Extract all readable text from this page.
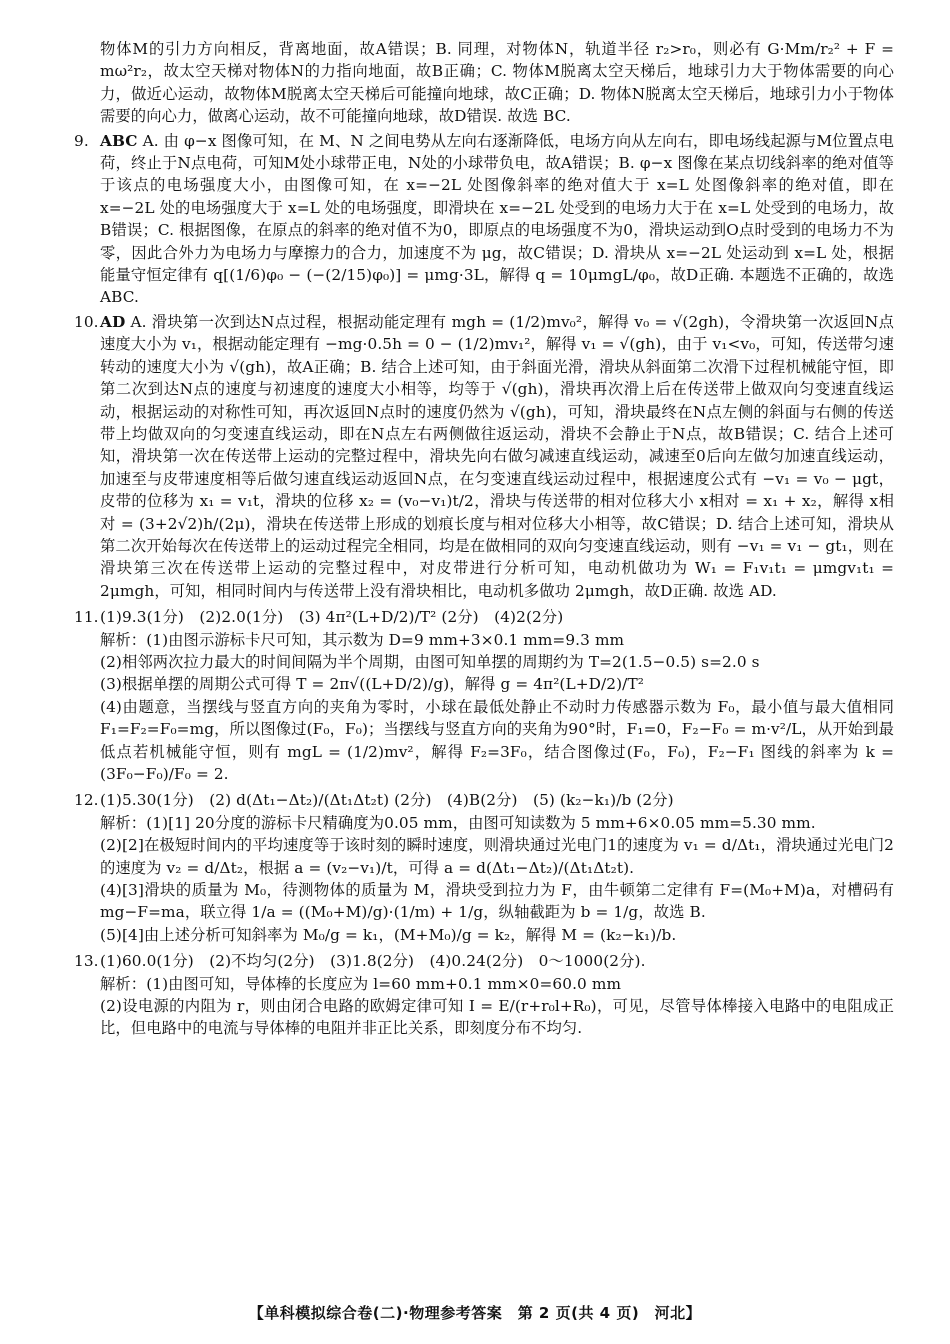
物体M的引力方向相反，背离地面，故A错误；B. 同理，对物体N，轨道半径 r₂>r₀，则必有 G·Mm/r₂² + F = mω²r₂，故太空天梯对物体N的力指向地面，故B正确；C. 物体M脱离太空天梯后，地球引力大于物体需要的向心力，做近心运动，故物体M脱离太空天梯后可能撞向地球，故C正确；D. 物体N脱离太空天梯后，地球引力小于物体需要的向心力，做离心运动，故不可能撞向地球，故D错误. 故选 BC.

9. ABC A. 由 φ−x 图像可知，在 M、N 之间电势从左向右逐渐降低，电场方向从左向右，即电场线起源与M位置点电荷，终止于N点电荷，可知M处小球带正电，N处的小球带负电，故A错误；B. φ−x 图像在某点切线斜率的绝对值等于该点的电场强度大小，由图像可知，在 x=−2L 处图像斜率的绝对值大于 x=L 处图像斜率的绝对值，即在 x=−2L 处的电场强度大于 x=L 处的电场强度，即滑块在 x=−2L 处受到的电场力大于在 x=L 处受到的电场力，故B错误；C. 根据图像，在原点的斜率的绝对值不为0，即原点的电场强度不为0，滑块运动到O点时受到的电场力不为零，因此合外力为电场力与摩擦力的合力，加速度不为 μg，故C错误；D. 滑块从 x=−2L 处运动到 x=L 处，根据能量守恒定律有 q[(1/6)φ₀ − (−(2/15)φ₀)] = μmg·3L，解得 q = 10μmgL/φ₀，故D正确. 本题选不正确的，故选 ABC.

10.AD A. 滑块第一次到达N点过程，根据动能定理有 mgh = (1/2)mv₀²，解得 v₀ = √(2gh)，令滑块第一次返回N点速度大小为 v₁，根据动能定理有 −mg·0.5h = 0 − (1/2)mv₁²，解得 v₁ = √(gh)，由于 v₁<v₀，可知，传送带匀速转动的速度大小为 √(gh)，故A正确；B. 结合上述可知，由于斜面光滑，滑块从斜面第二次滑下过程机械能守恒，即第二次到达N点的速度与初速度的速度大小相等，均等于 √(gh)，滑块再次滑上后在传送带上做双向匀变速直线运动，根据运动的对称性可知，再次返回N点时的速度仍然为 √(gh)，可知，滑块最终在N点左侧的斜面与右侧的传送带上均做双向的匀变速直线运动，即在N点左右两侧做往返运动，滑块不会静止于N点，故B错误；C. 结合上述可知，滑块第一次在传送带上运动的完整过程中，滑块先向右做匀减速直线运动，减速至0后向左做匀加速直线运动，加速至与皮带速度相等后做匀速直线运动返回N点，在匀变速直线运动过程中，根据速度公式有 −v₁ = v₀ − μgt，皮带的位移为 x₁ = v₁t，滑块的位移 x₂ = (v₀−v₁)t/2，滑块与传送带的相对位移大小 x相对 = x₁ + x₂，解得 x相对 = (3+2√2)h/(2μ)，滑块在传送带上形成的划痕长度与相对位移大小相等，故C错误；D. 结合上述可知，滑块从第二次开始每次在传送带上的运动过程完全相同，均是在做相同的双向匀变速直线运动，则有 −v₁ = v₁ − gt₁，则在滑块第三次在传送带上运动的完整过程中，对皮带进行分析可知，电动机做功为 W₁ = F₁v₁t₁ = μmgv₁t₁ = 2μmgh，可知，相同时间内与传送带上没有滑块相比，电动机多做功 2μmgh，故D正确. 故选 AD.

11.(1)9.3(1分)　(2)2.0(1分)　(3) 4π²(L+D/2)/T² (2分)　(4)2(2分)

解析：(1)由图示游标卡尺可知，其示数为 D=9 mm+3×0.1 mm=9.3 mm

(2)相邻两次拉力最大的时间间隔为半个周期，由图可知单摆的周期约为 T=2(1.5−0.5) s=2.0 s

(3)根据单摆的周期公式可得 T = 2π√((L+D/2)/g)，解得 g = 4π²(L+D/2)/T²

(4)由题意，当摆线与竖直方向的夹角为零时，小球在最低处静止不动时力传感器示数为 F₀，最小值与最大值相同 F₁=F₂=F₀=mg，所以图像过(F₀，F₀)；当摆线与竖直方向的夹角为90°时，F₁=0，F₂−F₀ = m·v²/L，从开始到最低点若机械能守恒，则有 mgL = (1/2)mv²，解得 F₂=3F₀，结合图像过(F₀，F₀)，F₂−F₁ 图线的斜率为 k = (3F₀−F₀)/F₀ = 2.

12.(1)5.30(1分)　(2) d(Δt₁−Δt₂)/(Δt₁Δt₂t) (2分)　(4)B(2分)　(5) (k₂−k₁)/b (2分)

解析：(1)[1] 20分度的游标卡尺精确度为0.05 mm，由图可知读数为 5 mm+6×0.05 mm=5.30 mm.

(2)[2]在极短时间内的平均速度等于该时刻的瞬时速度，则滑块通过光电门1的速度为 v₁ = d/Δt₁，滑块通过光电门2的速度为 v₂ = d/Δt₂，根据 a = (v₂−v₁)/t，可得 a = d(Δt₁−Δt₂)/(Δt₁Δt₂t).

(4)[3]滑块的质量为 M₀，待测物体的质量为 M，滑块受到拉力为 F，由牛顿第二定律有 F=(M₀+M)a，对槽码有 mg−F=ma，联立得 1/a = ((M₀+M)/g)·(1/m) + 1/g，纵轴截距为 b = 1/g，故选 B.

(5)[4]由上述分析可知斜率为 M₀/g = k₁，(M+M₀)/g = k₂，解得 M = (k₂−k₁)/b.

13.(1)60.0(1分)　(2)不均匀(2分)　(3)1.8(2分)　(4)0.24(2分)　0～1000(2分).

解析：(1)由图可知，导体棒的长度应为 l=60 mm+0.1 mm×0=60.0 mm

(2)设电源的内阻为 r，则由闭合电路的欧姆定律可知 I = E/(r+r₀l+R₀)，可见，尽管导体棒接入电路中的电阻成正比，但电路中的电流与导体棒的电阻并非正比关系，即刻度分布不均匀.

【单科模拟综合卷(二)·物理参考答案　第 2 页(共 4 页)　河北】
